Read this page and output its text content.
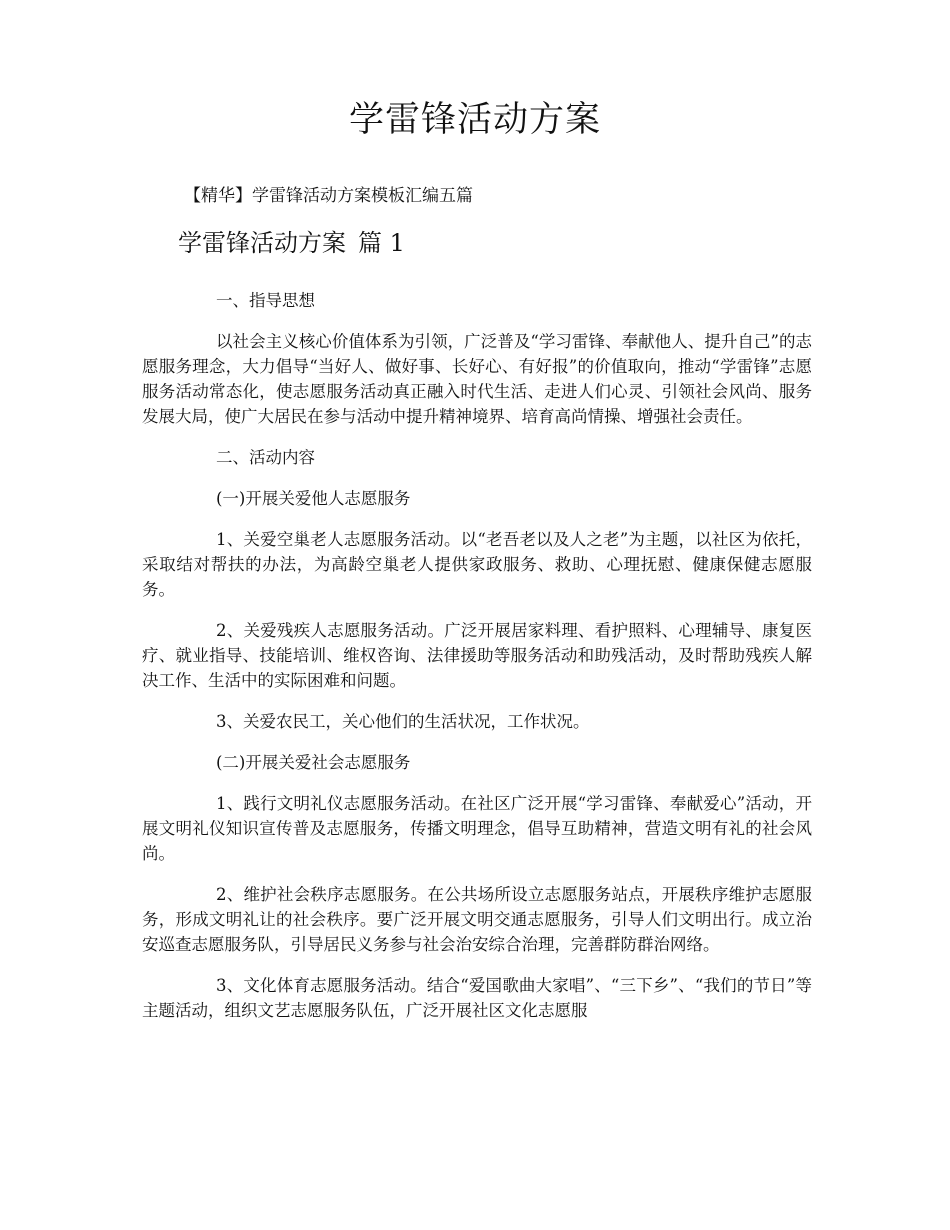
学雷锋活动方案
【精华】学雷锋活动方案模板汇编五篇
学雷锋活动方案 篇 1

一、指导思想

以社会主义核心价值体系为引领，广泛普及“学习雷锋、奉献他人、提升自己”的志愿服务理念，大力倡导“当好人、做好事、长好心、有好报”的价值取向，推动“学雷锋”志愿服务活动常态化，使志愿服务活动真正融入时代生活、走进人们心灵、引领社会风尚、服务发展大局，使广大居民在参与活动中提升精神境界、培育高尚情操、增强社会责任。

二、活动内容

(一)开展关爱他人志愿服务

1、关爱空巢老人志愿服务活动。以“老吾老以及人之老”为主题，以社区为依托，采取结对帮扶的办法，为高龄空巢老人提供家政服务、救助、心理抚慰、健康保健志愿服务。

2、关爱残疾人志愿服务活动。广泛开展居家料理、看护照料、心理辅导、康复医疗、就业指导、技能培训、维权咨询、法律援助等服务活动和助残活动，及时帮助残疾人解决工作、生活中的实际困难和问题。

3、关爱农民工，关心他们的生活状况，工作状况。

(二)开展关爱社会志愿服务

1、践行文明礼仪志愿服务活动。在社区广泛开展“学习雷锋、奉献爱心”活动，开展文明礼仪知识宣传普及志愿服务，传播文明理念，倡导互助精神，营造文明有礼的社会风尚。

2、维护社会秩序志愿服务。在公共场所设立志愿服务站点，开展秩序维护志愿服务，形成文明礼让的社会秩序。要广泛开展文明交通志愿服务，引导人们文明出行。成立治安巡查志愿服务队，引导居民义务参与社会治安综合治理，完善群防群治网络。

3、文化体育志愿服务活动。结合“爱国歌曲大家唱”、“三下乡”、“我们的节日”等主题活动，组织文艺志愿服务队伍，广泛开展社区文化志愿服
